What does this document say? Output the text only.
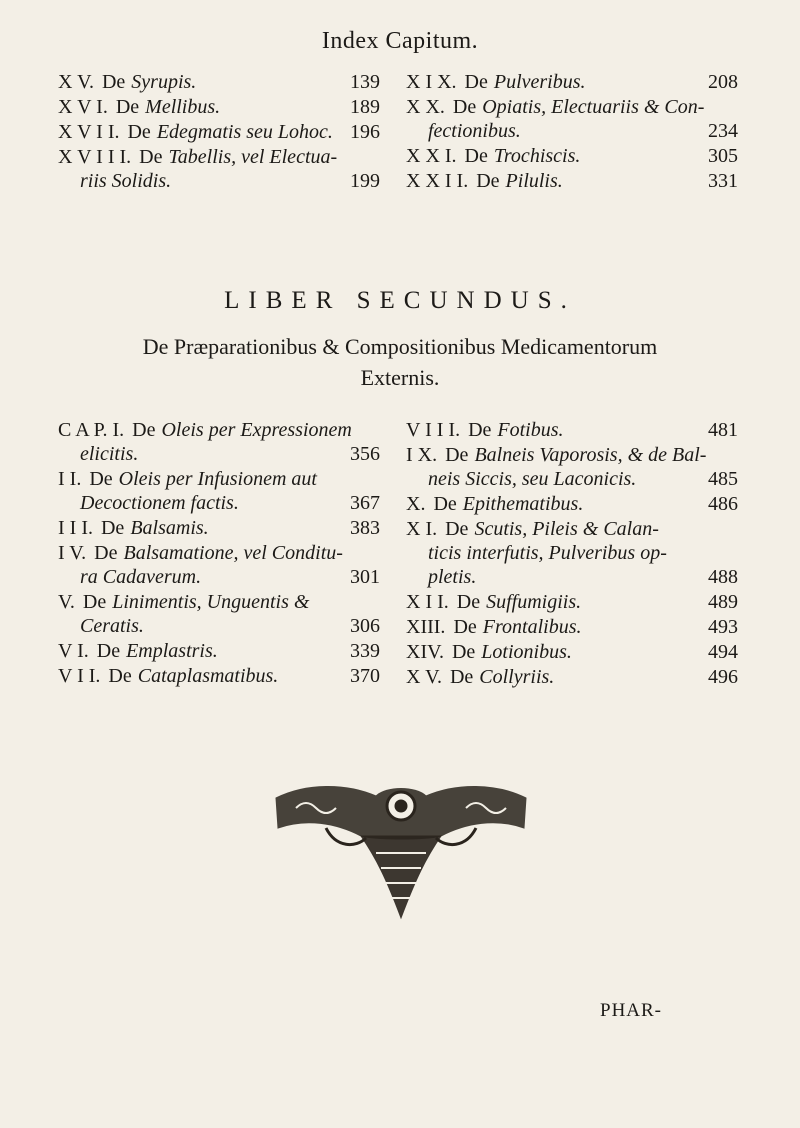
Index Capitum.
X V. De Syrupis.	139
X V I. De Mellibus.	189
X V I I. De Edegmatis seu Lohoc. 196
X V I I I. De Tabellis, vel Electua-
riis Solidis.	199
X I X. De Pulveribus.	208
X X. De Opiatis, Electuariis & Con-
fectionibus.	234
X X I. De Trochiscis.	305
X X I I. De Pilulis.	331
LIBER SECUNDUS.
De Præparationibus & Compositionibus Medicamentorum
Externis.
C A P. I. De Oleis per Expressionem
elicitis.	356
I I. De Oleis per Infusionem aut
Decoctionem factis.	367
I I I. De Balsamis.	383
I V. De Balsamatione, vel Conditu-
ra Cadaverum.	301
V. De Linimentis, Unguentis &
Ceratis.	306
V I. De Emplastris.	339
V I I. De Cataplasmatibus.	370
V I I I. De Fotibus.	481
I X. De Balneis Vaporosis, & de Bal-
neis Siccis, seu Laconicis.	485
X. De Epithematibus.	486
X I. De Scutis, Pileis & Calan-
ticis interfutis, Pulveribus op-
pletis.	488
X I I. De Suffumigiis.	489
XIII. De Frontalibus.	493
XIV. De Lotionibus.	494
X V. De Collyriis.	496
PHAR-
